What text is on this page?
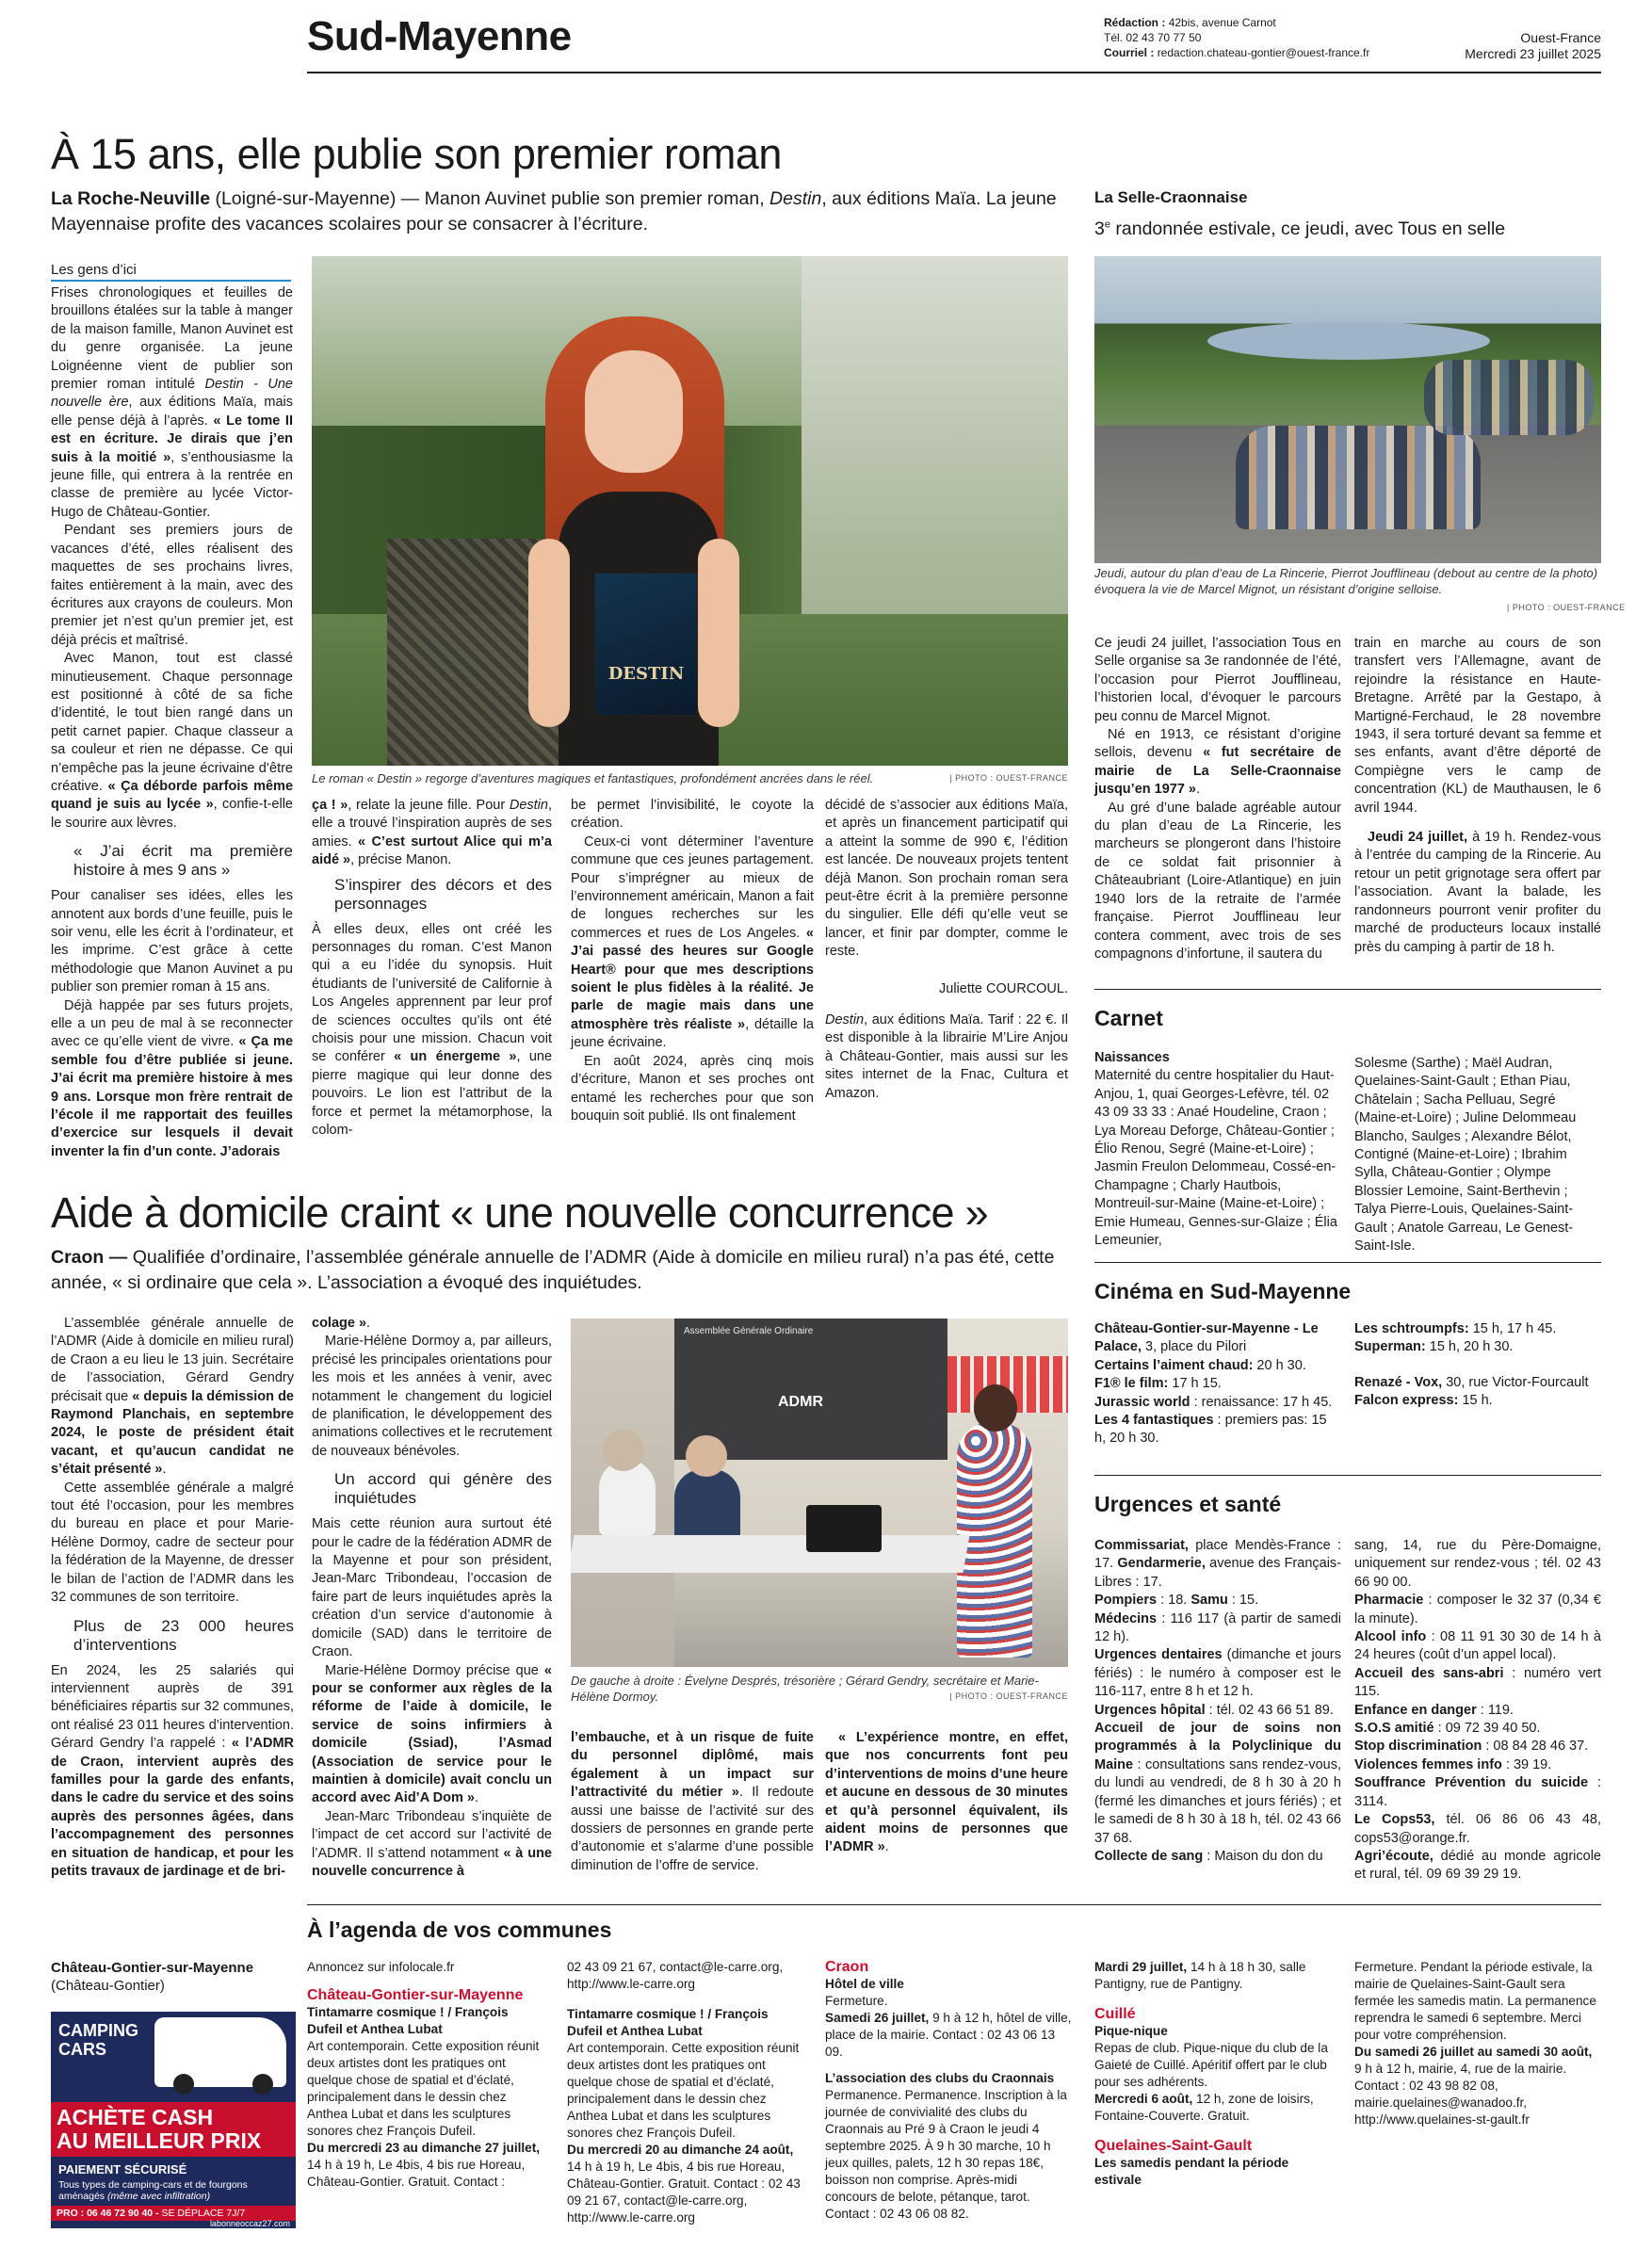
Sud-Mayenne	Rédaction : 42bis, avenue Carnot
Tél. 02 43 70 77 50
Courriel : redaction.chateau-gontier@ouest-france.fr
Ouest-France
Mercredi 23 juillet 2025
À 15 ans, elle publie son premier roman
La Roche-Neuville (Loigné-sur-Mayenne) — Manon Auvinet publie son premier roman, Destin, aux éditions Maïa. La jeune Mayennaise profite des vacances scolaires pour se consacrer à l’écriture.
Les gens d’ici

Frises chronologiques et feuilles de brouillons étalées sur la table à manger de la maison famille, Manon Auvinet est du genre organisée. La jeune Loignéenne vient de publier son premier roman intitulé Destin - Une nouvelle ère, aux éditions Maïa, mais elle pense déjà à l’après. « Le tome II est en écriture. Je dirais que j’en suis à la moitié », s’enthousiasme la jeune fille, qui entrera à la rentrée en classe de première au lycée Victor-Hugo de Château-Gontier.

Pendant ses premiers jours de vacances d’été, elles réalisent des maquettes de ses prochains livres, faites entièrement à la main, avec des écritures aux crayons de couleurs. Mon premier jet n’est qu’un premier jet, est déjà précis et maîtrisé.

Avec Manon, tout est classé minutieusement. Chaque personnage est positionné à côté de sa fiche d’identité, le tout bien rangé dans un petit carnet papier. Chaque classeur a sa couleur et rien ne dépasse. Ce qui n’empêche pas la jeune écrivaine d’être créative. « Ça déborde parfois même quand je suis au lycée », confie-t-elle le sourire aux lèvres.

« J’ai écrit ma première histoire à mes 9 ans »

Pour canaliser ses idées, elles les annotent aux bords d’une feuille, puis le soir venu, elle les écrit à l’ordinateur, et les imprime. C’est grâce à cette méthodologie que Manon Auvinet a pu publier son premier roman à 15 ans.

Déjà happée par ses futurs projets, elle a un peu de mal à se reconnecter avec ce qu’elle vient de vivre. « Ça me semble fou d’être publiée si jeune. J’ai écrit ma première histoire à mes 9 ans. Lorsque mon frère rentrait de l’école il me rapportait des feuilles d’exercice sur lesquels il devait inventer la fin d’un conte. J’adorais

DESTIN
Le roman « Destin » regorge d’aventures magiques et fantastiques, profondément ancrées dans le réel.	| PHOTO : OUEST-FRANCE

ça ! », relate la jeune fille. Pour Destin, elle a trouvé l’inspiration auprès de ses amies. « C’est surtout Alice qui m’a aidé », précise Manon.

S’inspirer des décors et des personnages

À elles deux, elles ont créé les personnages du roman. C’est Manon qui a eu l’idée du synopsis. Huit étudiants de l’université de Californie à Los Angeles apprennent par leur prof de sciences occultes qu’ils ont été choisis pour une mission. Chacun voit se conférer « un énergeme », une pierre magique qui leur donne des pouvoirs. Le lion est l’attribut de la force et permet la métamorphose, la colom-

be permet l’invisibilité, le coyote la création.

Ceux-ci vont déterminer l’aventure commune que ces jeunes partagement. Pour s’imprégner au mieux de l’environnement américain, Manon a fait de longues recherches sur les commerces et rues de Los Angeles. « J’ai passé des heures sur Google Heart® pour que mes descriptions soient le plus fidèles à la réalité. Je parle de magie mais dans une atmosphère très réaliste », détaille la jeune écrivaine.

En août 2024, après cinq mois d’écriture, Manon et ses proches ont entamé les recherches pour que son bouquin soit publié. Ils ont finalement

décidé de s’associer aux éditions Maïa, et après un financement participatif qui a atteint la somme de 990 €, l’édition est lancée. De nouveaux projets tentent déjà Manon. Son prochain roman sera peut-être écrit à la première personne du singulier. Elle défi qu’elle veut se lancer, et finir par dompter, comme le reste.

Juliette COURCOUL.

Destin, aux éditions Maïa. Tarif : 22 €. Il est disponible à la librairie M’Lire Anjou à Château-Gontier, mais aussi sur les sites internet de la Fnac, Cultura et Amazon.

La Selle-Craonnaise
3e randonnée estivale, ce jeudi, avec Tous en selle
Jeudi, autour du plan d’eau de La Rincerie, Pierrot Joufflineau (debout au centre de la photo) évoquera la vie de Marcel Mignot, un résistant d’origine selloise.
| PHOTO : OUEST-FRANCE

Ce jeudi 24 juillet, l’association Tous en Selle organise sa 3e randonnée de l’été, l’occasion pour Pierrot Joufflineau, l’historien local, d’évoquer le parcours peu connu de Marcel Mignot.

Né en 1913, ce résistant d’origine sellois, devenu « fut secrétaire de mairie de La Selle-Craonnaise jusqu’en 1977 ».

Au gré d’une balade agréable autour du plan d’eau de La Rincerie, les marcheurs se plongeront dans l’histoire de ce soldat fait prisonnier à Châteaubriant (Loire-Atlantique) en juin 1940 lors de la retraite de l’armée française. Pierrot Joufflineau leur contera comment, avec trois de ses compagnons d’infortune, il sautera du

train en marche au cours de son transfert vers l’Allemagne, avant de rejoindre la résistance en Haute-Bretagne. Arrêté par la Gestapo, à Martigné-Ferchaud, le 28 novembre 1943, il sera torturé devant sa femme et ses enfants, avant d’être déporté de Compiègne vers le camp de concentration (KL) de Mauthausen, le 6 avril 1944.

Jeudi 24 juillet, à 19 h. Rendez-vous à l’entrée du camping de la Rincerie. Au retour un petit grignotage sera offert par l’association. Avant la balade, les randonneurs pourront venir profiter du marché de producteurs locaux installé près du camping à partir de 18 h.

Carnet
Naissances
Maternité du centre hospitalier du Haut-Anjou, 1, quai Georges-Lefèvre, tél. 02 43 09 33 33 : Anaé Houdeline, Craon ; Lya Moreau Deforge, Château-Gontier ; Élio Renou, Segré (Maine-et-Loire) ; Jasmin Freulon Delommeau, Cossé-en-Champagne ; Charly Hautbois, Montreuil-sur-Maine (Maine-et-Loire) ; Emie Humeau, Gennes-sur-Glaize ; Élia Lemeunier,
Solesme (Sarthe) ; Maël Audran, Quelaines-Saint-Gault ; Ethan Piau, Châtelain ; Sacha Pelluau, Segré (Maine-et-Loire) ; Juline Delommeau Blancho, Saulges ; Alexandre Bélot, Contigné (Maine-et-Loire) ; Ibrahim Sylla, Château-Gontier ; Olympe Blossier Lemoine, Saint-Berthevin ; Talya Pierre-Louis, Quelaines-Saint-Gault ; Anatole Garreau, Le Genest-Saint-Isle.
Cinéma en Sud-Mayenne
Château-Gontier-sur-Mayenne - Le Palace, 3, place du Pilori
Certains l’aiment chaud: 20 h 30.
F1® le film: 17 h 15.
Jurassic world : renaissance: 17 h 45.
Les 4 fantastiques : premiers pas: 15 h, 20 h 30.
Les schtroumpfs: 15 h, 17 h 45.
Superman: 15 h, 20 h 30.
Renazé - Vox, 30, rue Victor-Fourcault
Falcon express: 15 h.
Urgences et santé
Commissariat, place Mendès-France : 17. Gendarmerie, avenue des Français-Libres : 17.
Pompiers : 18. Samu : 15.
Médecins : 116 117 (à partir de samedi 12 h).
Urgences dentaires (dimanche et jours fériés) : le numéro à composer est le 116-117, entre 8 h et 12 h.
Urgences hôpital : tél. 02 43 66 51 89.
Accueil de jour de soins non programmés à la Polyclinique du Maine : consultations sans rendez-vous, du lundi au vendredi, de 8 h 30 à 20 h (fermé les dimanches et jours fériés) ; et le samedi de 8 h 30 à 18 h, tél. 02 43 66 37 68.
Collecte de sang : Maison du don du
sang, 14, rue du Père-Domaigne, uniquement sur rendez-vous ; tél. 02 43 66 90 00.
Pharmacie : composer le 32 37 (0,34 € la minute).
Alcool info : 08 11 91 30 30 de 14 h à 24 heures (coût d’un appel local).
Accueil des sans-abri : numéro vert 115.
Enfance en danger : 119.
S.O.S amitié : 09 72 39 40 50.
Stop discrimination : 08 84 28 46 37.
Violences femmes info : 39 19.
Souffrance Prévention du suicide : 3114.
Le Cops53, tél. 06 86 06 43 48, cops53@orange.fr.
Agri’écoute, dédié au monde agricole et rural, tél. 09 69 39 29 19.
Aide à domicile craint « une nouvelle concurrence »
Craon — Qualifiée d’ordinaire, l’assemblée générale annuelle de l’ADMR (Aide à domicile en milieu rural) n’a pas été, cette année, « si ordinaire que cela ». L’association a évoqué des inquiétudes.

L’assemblée générale annuelle de l’ADMR (Aide à domicile en milieu rural) de Craon a eu lieu le 13 juin. Secrétaire de l’association, Gérard Gendry précisait que « depuis la démission de Raymond Planchais, en septembre 2024, le poste de président était vacant, et qu’aucun candidat ne s’était présenté ».

Cette assemblée générale a malgré tout été l’occasion, pour les membres du bureau en place et pour Marie-Hélène Dormoy, cadre de secteur pour la fédération de la Mayenne, de dresser le bilan de l’action de l’ADMR dans les 32 communes de son territoire.

Plus de 23 000 heures d’interventions

En 2024, les 25 salariés qui interviennent auprès de 391 bénéficiaires répartis sur 32 communes, ont réalisé 23 011 heures d’intervention. Gérard Gendry l’a rappelé : « l’ADMR de Craon, intervient auprès des familles pour la garde des enfants, dans le cadre du service et des soins auprès des personnes âgées, dans l’accompagnement des personnes en situation de handicap, et pour les petits travaux de jardinage et de bri-

colage ».

Marie-Hélène Dormoy a, par ailleurs, précisé les principales orientations pour les mois et les années à venir, avec notamment le changement du logiciel de planification, le développement des animations collectives et le recrutement de nouveaux bénévoles.

Un accord qui génère des inquiétudes

Mais cette réunion aura surtout été pour le cadre de la fédération ADMR de la Mayenne et pour son président, Jean-Marc Tribondeau, l’occasion de faire part de leurs inquiétudes après la création d’un service d’autonomie à domicile (SAD) dans le territoire de Craon.

Marie-Hélène Dormoy précise que « pour se conformer aux règles de la réforme de l’aide à domicile, le service de soins infirmiers à domicile (Ssiad), l’Asmad (Association de service pour le maintien à domicile) avait conclu un accord avec Aid’A Dom ».

Jean-Marc Tribondeau s’inquiète de l’impact de cet accord sur l’activité de l’ADMR. Il s’attend notamment « à une nouvelle concurrence à

Assemblée Générale Ordinaire
ADMR
De gauche à droite : Évelyne Després, trésorière ; Gérard Gendry, secrétaire et Marie-Hélène Dormoy.	| PHOTO : OUEST-FRANCE

l’embauche, et à un risque de fuite du personnel diplômé, mais également à un impact sur l’attractivité du métier ». Il redoute aussi une baisse de l’activité sur des dossiers de personnes en grande perte d’autonomie et s’alarme d’une possible diminution de l’offre de service.

« L’expérience montre, en effet, que nos concurrents font peu d’interventions de moins d’une heure et aucune en dessous de 30 minutes et qu’à personnel équivalent, ils aident moins de personnes que l’ADMR ».

À l’agenda de vos communes
Château-Gontier-sur-Mayenne (Château-Gontier)
CAMPING
CARS
ACHÈTE CASH
AU MEILLEUR PRIX
PAIEMENT SÉCURISÉ
Tous types de camping-cars et de fourgons aménagés (même avec infiltration)
PRO : 06 46 72 90 40 - SE DÉPLACE 7J/7
labonneoccaz27.com
Annoncez sur infolocale.fr
Château-Gontier-sur-Mayenne
Tintamarre cosmique ! / François Dufeil et Anthea Lubat
Art contemporain. Cette exposition réunit deux artistes dont les pratiques ont quelque chose de spatial et d’éclaté, principalement dans le dessin chez Anthea Lubat et dans les sculptures sonores chez François Dufeil.
Du mercredi 23 au dimanche 27 juillet,
14 h à 19 h, Le 4bis, 4 bis rue Horeau, Château-Gontier. Gratuit. Contact :
02 43 09 21 67, contact@le-carre.org, http://www.le-carre.org
Tintamarre cosmique ! / François Dufeil et Anthea Lubat
Art contemporain. Cette exposition réunit deux artistes dont les pratiques ont quelque chose de spatial et d’éclaté, principalement dans le dessin chez Anthea Lubat et dans les sculptures sonores chez François Dufeil.
Du mercredi 20 au dimanche 24 août,
14 h à 19 h, Le 4bis, 4 bis rue Horeau, Château-Gontier. Gratuit. Contact : 02 43 09 21 67, contact@le-carre.org, http://www.le-carre.org
Craon
Hôtel de ville
Fermeture.
Samedi 26 juillet, 9 h à 12 h, hôtel de ville, place de la mairie. Contact : 02 43 06 13 09.
L’association des clubs du Craonnais
Permanence. Permanence. Inscription à la journée de convivialité des clubs du Craonnais au Pré 9 à Craon le jeudi 4 septembre 2025. À 9 h 30 marche, 10 h jeux quilles, palets, 12 h 30 repas 18€, boisson non comprise. Après-midi concours de belote, pétanque, tarot. Contact : 02 43 06 08 82.
Mardi 29 juillet, 14 h à 18 h 30, salle Pantigny, rue de Pantigny.
Cuillé
Pique-nique
Repas de club. Pique-nique du club de la Gaieté de Cuillé. Apéritif offert par le club pour ses adhérents.
Mercredi 6 août, 12 h, zone de loisirs, Fontaine-Couverte. Gratuit.
Quelaines-Saint-Gault
Les samedis pendant la période estivale
Fermeture. Pendant la période estivale, la mairie de Quelaines-Saint-Gault sera fermée les samedis matin. La permanence reprendra le samedi 6 septembre. Merci pour votre compréhension.
Du samedi 26 juillet au samedi 30 août, 9 h à 12 h, mairie, 4, rue de la mairie. Contact : 02 43 98 82 08, mairie.quelaines@wanadoo.fr, http://www.quelaines-st-gault.fr
